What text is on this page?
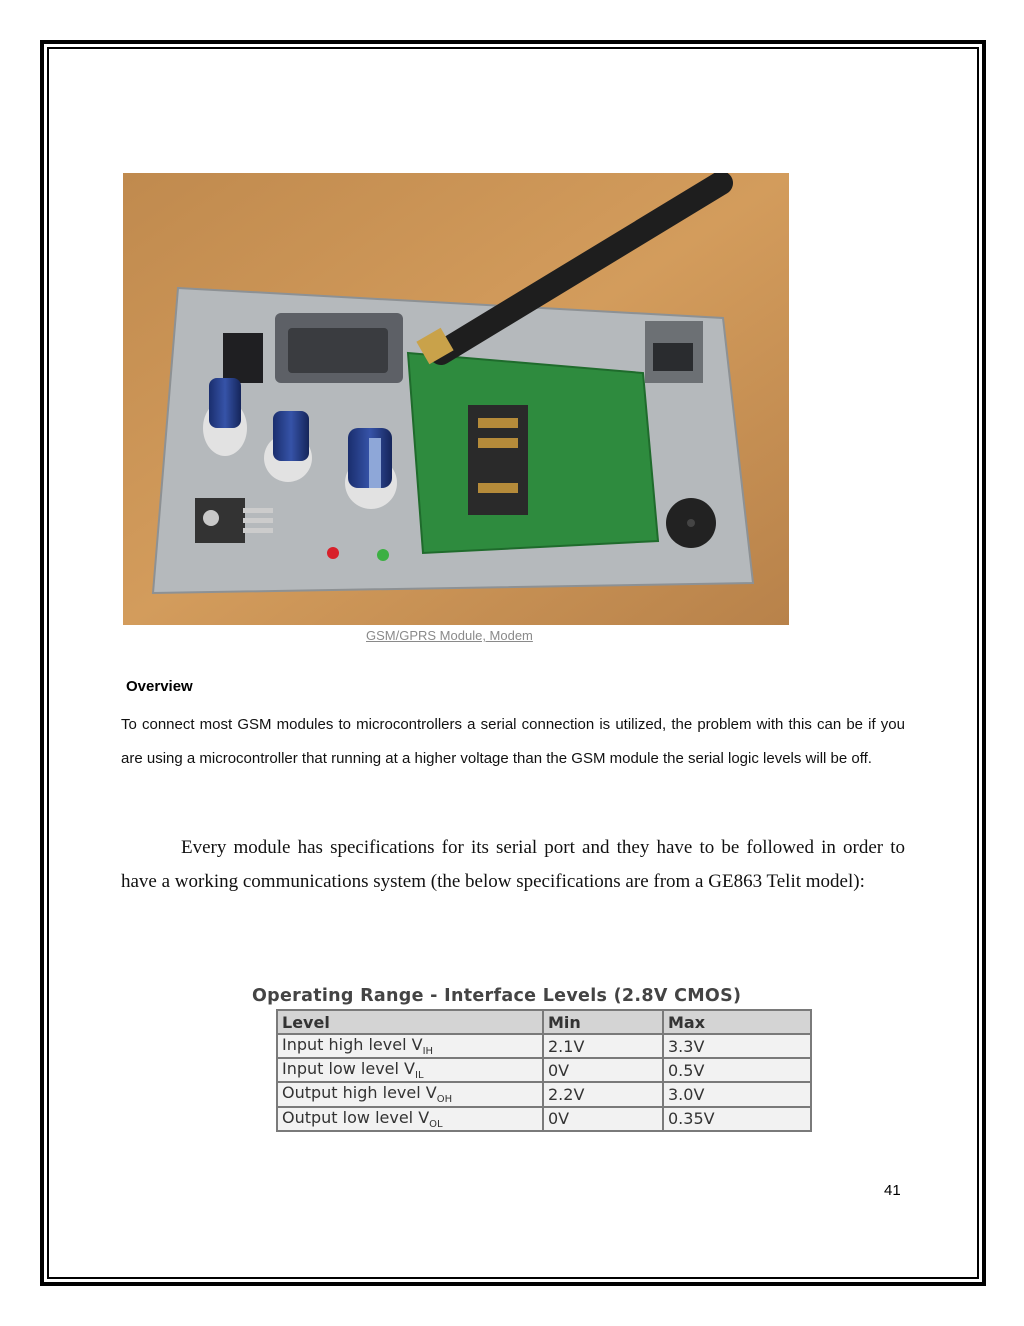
GSM/GPRS Module, Modem
Overview
To connect most GSM modules to microcontrollers a serial connection is utilized, the problem with this can be if you are using a microcontroller that running at a higher voltage than the GSM module the serial logic levels will be off.
Every module has specifications for its serial port and they have to be followed in order to have a working communications system (the below specifications are from a GE863 Telit model):
Operating Range - Interface Levels (2.8V CMOS)
Level	Min	Max
Input high level $V_{IH}$	2.1V	3.3V
Input low level $V_{IL}$	0V	0.5V
Output high level $V_{OH}$	2.2V	3.0V
Output low level $V_{OL}$	0V	0.35V
41
